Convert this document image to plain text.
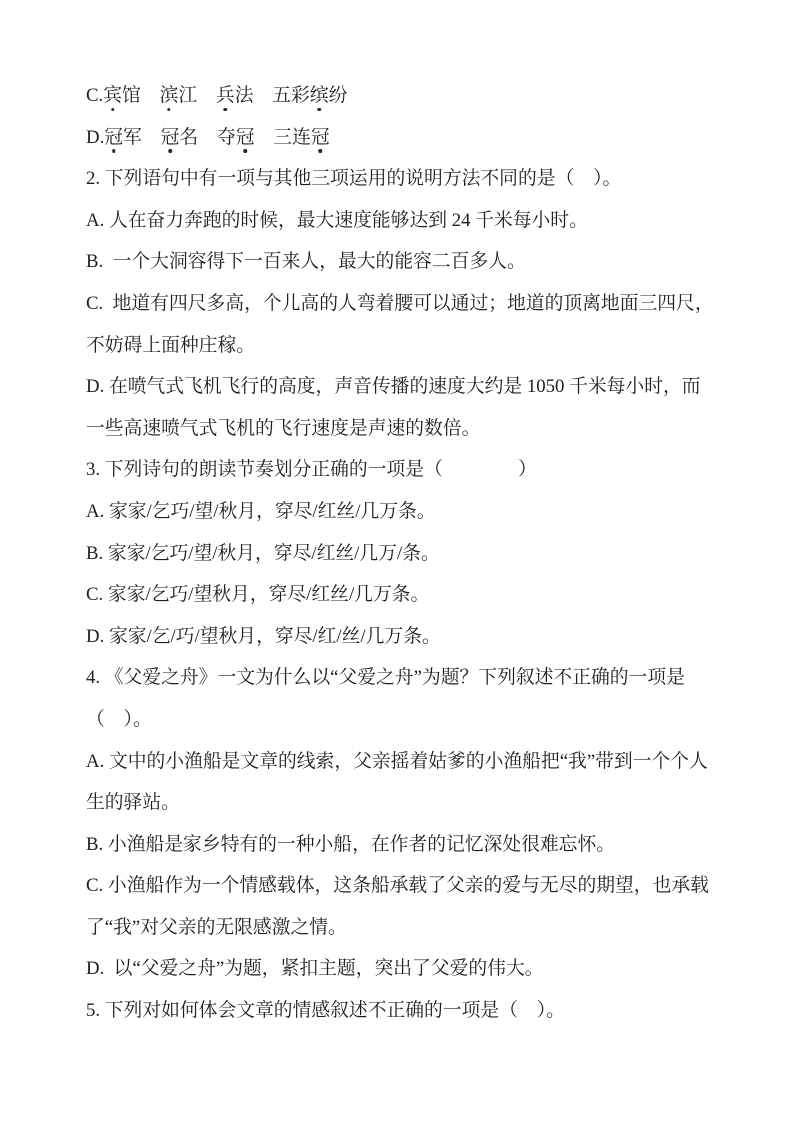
C.宾馆　 滨江　 兵法　 五彩缤纷
D.冠军　 冠名　 夺冠　 三连冠
2. 下列语句中有一项与其他三项运用的说明方法不同的是（　）。
A. 人在奋力奔跑的时候，最大速度能够达到 24 千米每小时。
B.  一个大洞容得下一百来人，最大的能容二百多人。
C.  地道有四尺多高，个儿高的人弯着腰可以通过；地道的顶离地面三四尺，
不妨碍上面种庄稼。
D. 在喷气式飞机飞行的高度，声音传播的速度大约是 1050 千米每小时，而
一些高速喷气式飞机的飞行速度是声速的数倍。
3. 下列诗句的朗读节奏划分正确的一项是（　　　　）
A. 家家/乞巧/望/秋月，穿尽/红丝/几万条。
B. 家家/乞巧/望/秋月，穿尽/红丝/几万/条。
C. 家家/乞巧/望秋月，穿尽/红丝/几万条。
D. 家家/乞/巧/望秋月，穿尽/红/丝/几万条。
4. 《父爱之舟》一文为什么以“父爱之舟”为题？下列叙述不正确的一项是
（　）。
A. 文中的小渔船是文章的线索，父亲摇着姑爹的小渔船把“我”带到一个个人
生的驿站。
B. 小渔船是家乡特有的一种小船，在作者的记忆深处很难忘怀。
C. 小渔船作为一个情感载体，这条船承载了父亲的爱与无尽的期望，也承载
了“我”对父亲的无限感激之情。
D.  以“父爱之舟”为题，紧扣主题，突出了父爱的伟大。
5. 下列对如何体会文章的情感叙述不正确的一项是（　）。
